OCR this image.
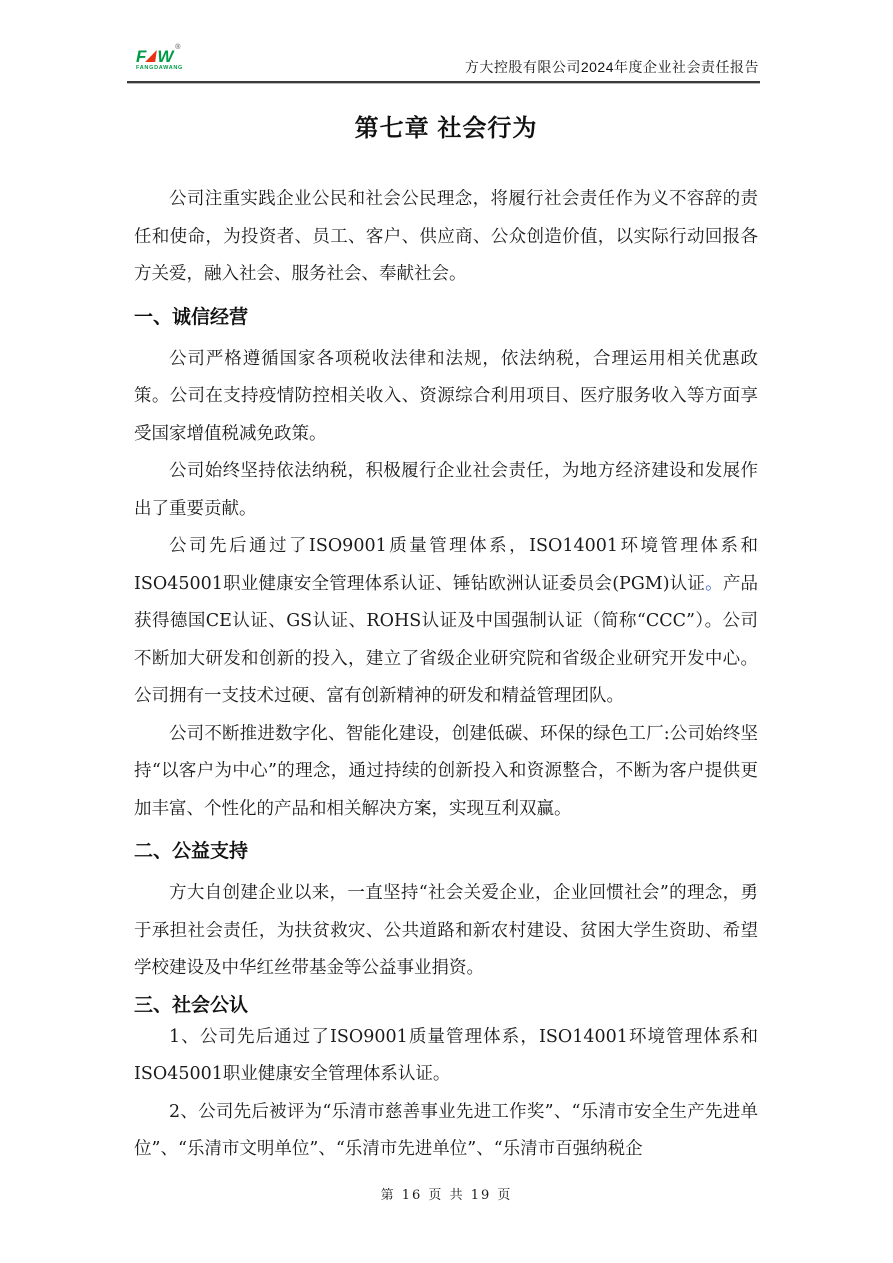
F W ®
FANGDAWANG	方大控股有限公司2024年度企业社会责任报告
第七章 社会行为

公司注重实践企业公民和社会公民理念，将履行社会责任作为义不容辞的责任和使命，为投资者、员工、客户、供应商、公众创造价值，以实际行动回报各方关爱，融入社会、服务社会、奉献社会。

一、诚信经营

公司严格遵循国家各项税收法律和法规，依法纳税，合理运用相关优惠政策。公司在支持疫情防控相关收入、资源综合利用项目、医疗服务收入等方面享受国家增值税减免政策。

公司始终坚持依法纳税，积极履行企业社会责任，为地方经济建设和发展作出了重要贡献。

公司先后通过了ISO9001质量管理体系，ISO14001环境管理体系和ISO45001职业健康安全管理体系认证、锤钻欧洲认证委员会(PGM)认证。产品获得德国CE认证、GS认证、ROHS认证及中国强制认证（简称“CCC”）。公司不断加大研发和创新的投入，建立了省级企业研究院和省级企业研究开发中心。公司拥有一支技术过硬、富有创新精神的研发和精益管理团队。

公司不断推进数字化、智能化建设，创建低碳、环保的绿色工厂:公司始终坚持“以客户为中心”的理念，通过持续的创新投入和资源整合，不断为客户提供更加丰富、个性化的产品和相关解决方案，实现互利双赢。

二、公益支持

方大自创建企业以来，一直坚持“社会关爱企业，企业回惯社会”的理念，勇于承担社会责任，为扶贫救灾、公共道路和新农村建设、贫困大学生资助、希望学校建设及中华红丝带基金等公益事业捐资。

三、社会公认

1、公司先后通过了ISO9001质量管理体系，ISO14001环境管理体系和ISO45001职业健康安全管理体系认证。

2、公司先后被评为“乐清市慈善事业先进工作奖”、“乐清市安全生产先进单位”、“乐清市文明单位”、“乐清市先进单位”、“乐清市百强纳税企

第 16 页 共 19 页
